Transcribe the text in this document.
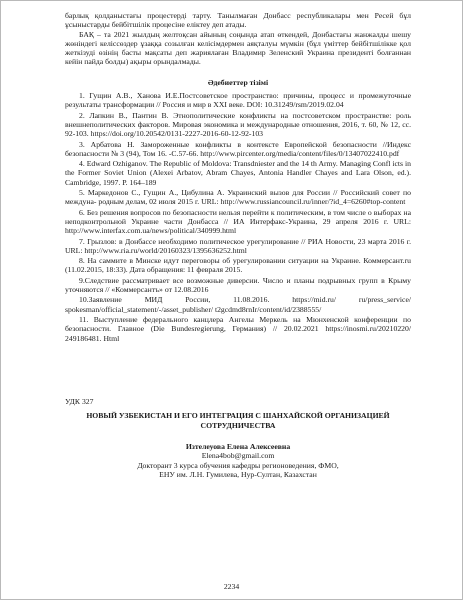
барлық қолданыстағы процестерді тарту. Танылмаған Донбасс республикалары мен Ресей бұл ұсыныстарды бейбітшілік процесіне еліктеу деп атады.

БАҚ – та 2021 жылдың желтоқсан айының соңында атап өткендей, Донбастағы жанжалды шешу жөніндегі келіссөздер ұзаққа созылған келісімдермен аяқталуы мүмкін (бұл үміттер бейбітшілікке қол жеткізуді өзінің басты мақсаты деп жариялаған Владимир Зеленский Украина президенті болғаннан кейін пайда болды) ақыры орындалмады.

Әдебиеттер тізімі

1. Гущин А.В., Ханова И.Е.Постсоветское пространство: причины, процесс и промежуточные результаты трансформации // Россия и мир в XXI веке. DOI: 10.31249/rsm/2019.02.04

2. Лапкин В., Пантин В. Этнополитические конфликты на постсоветском пространстве: роль внешнеполитических факторов. Мировая экономика и международные отношения, 2016, т. 60, № 12, сс. 92-103. https://doi.org/10.20542/0131-2227-2016-60-12-92-103

3. Арбатова Н. Замороженные конфликты в контексте Европейской безопасности //Индекс безопасности № 3 (94), Том 16. -С.57-66. http://www.pircenter.org/media/content/files/0/13407022410.pdf

4. Edward Ozhiganov. The Republic of Moldova: Transdniester and the 14 th Army. Managing Confl icts in the Former Soviet Union (Alexei Arbatov, Abram Chayes, Antonia Handler Chayes and Lara Olson, ed.). Cambridge, 1997. P. 164–189

5. Маркедонов С., Гущин А., Цибулина А. Украинский вызов для России // Российский совет по междуна- родным делам, 02 июля 2015 г. URL: http://www.russiancouncil.ru/inner/?id_4=6260#top-content

6. Без решения вопросов по безопасности нельзя перейти к политическим, в том числе о выборах на неподконтрольной Украине части Донбасса // ИА Интерфакс-Украина, 29 апреля 2016 г. URL: http://www.interfax.com.ua/news/political/340999.html

7. Грызлов: в Донбассе необходимо политическое урегулирование // РИА Новости, 23 марта 2016 г. URL: http://www.ria.ru/world/20160323/1395636252.html

8. На саммите в Минске идут переговоры об урегулировании ситуации на Украине. Коммерсант.ru (11.02.2015, 18:33). Дата обращения: 11 февраля 2015.

9.Следствие рассматривает все возможные диверсии. Число и планы подрывных групп в Крыму уточняются // «Коммерсантъ» от 12.08.2016

10.Заявление МИД России, 11.08.2016. https://mid.ru/ ru/press_service/ spokesman/official_statement/-/asset_publisher/ t2gcdmd8rnIr/content/id/2388555/

11. Выступление федерального канцлера Ангелы Меркель на Мюнхенской конференции по безопасности. Главное (Die Bundesregierung, Германия) // 20.02.2021 https://inosmi.ru/20210220/ 249186481. Html

УДК 327

НОВЫЙ УЗБЕКИСТАН И ЕГО ИНТЕГРАЦИЯ С ШАНХАЙСКОЙ ОРГАНИЗАЦИЕЙ СОТРУДНИЧЕСТВА

Изтелеуова Елена Алексеевна

Elena4bob@gmail.com

Докторант 3 курса обучения кафедры регионоведения, ФМО,

ЕНУ им. Л.Н. Гумилева, Нур-Султан, Казахстан

2234
